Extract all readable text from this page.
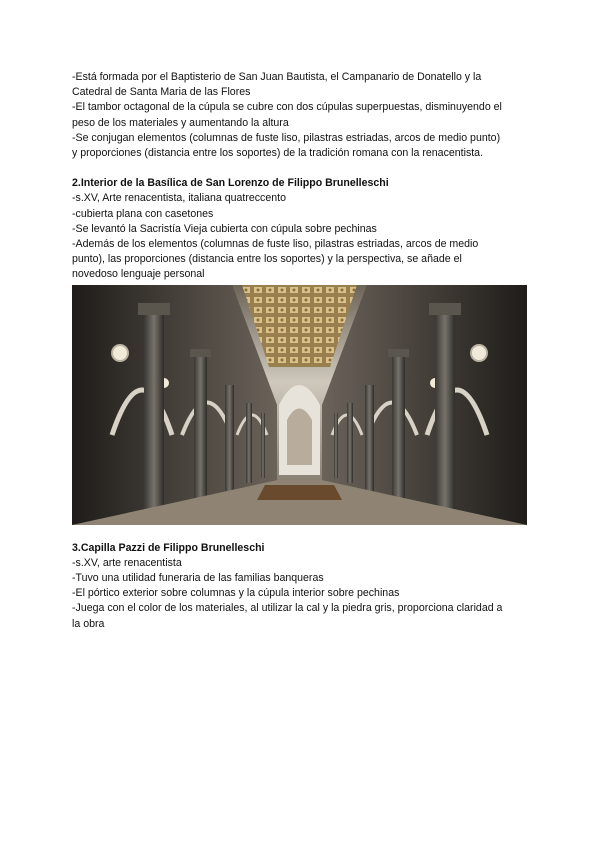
-Está formada por el Baptisterio de San Juan Bautista, el Campanario de Donatello y la
Catedral de Santa Maria de las Flores
-El tambor octagonal de la cúpula se cubre con dos cúpulas superpuestas, disminuyendo el
peso de los materiales y aumentando la altura
-Se conjugan elementos (columnas de fuste liso, pilastras estriadas, arcos de medio punto)
y proporciones (distancia entre los soportes) de la tradición romana con la renacentista.
2.Interior de la Basílica de San Lorenzo de Filippo Brunelleschi
-s.XV, Arte renacentista, italiana quatreccento
-cubierta plana con casetones
-Se levantó la Sacristía Vieja cubierta con cúpula sobre pechinas
-Además de los elementos (columnas de fuste liso, pilastras estriadas, arcos de medio
punto), las proporciones (distancia entre los soportes) y la perspectiva, se añade el
novedoso lenguaje personal
3.Capilla Pazzi de Filippo Brunelleschi
-s.XV, arte renacentista
-Tuvo una utilidad funeraria de las familias banqueras
-El pórtico exterior sobre columnas y la cúpula interior sobre pechinas
-Juega con el color de los materiales, al utilizar la cal y la piedra gris, proporciona claridad a
la obra
